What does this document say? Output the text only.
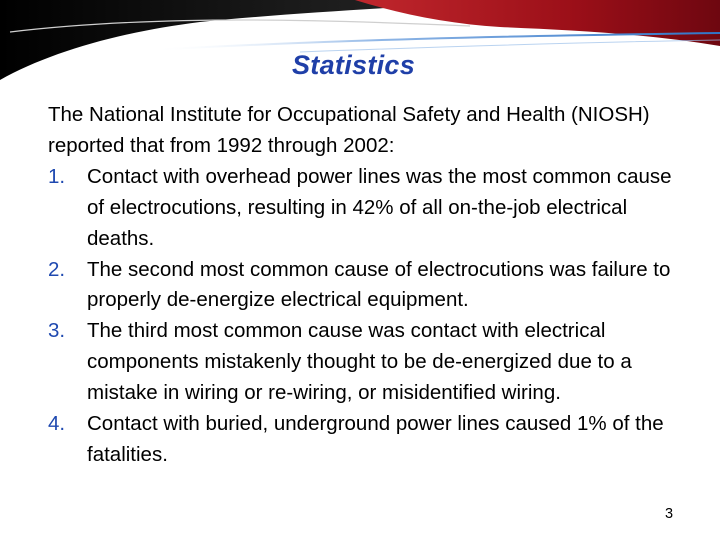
Statistics

The National Institute for Occupational Safety and Health (NIOSH) reported that from 1992 through 2002:

1. Contact with overhead power lines was the most common cause of electrocutions, resulting in 42% of all on-the-job electrical deaths.
2. The second most common cause of electrocutions was failure to properly de-energize electrical equipment.
3. The third most common cause was contact with electrical components mistakenly thought to be de-energized due to a mistake in wiring or re-wiring, or misidentified wiring.
4. Contact with buried, underground power lines caused 1% of the fatalities.
3
